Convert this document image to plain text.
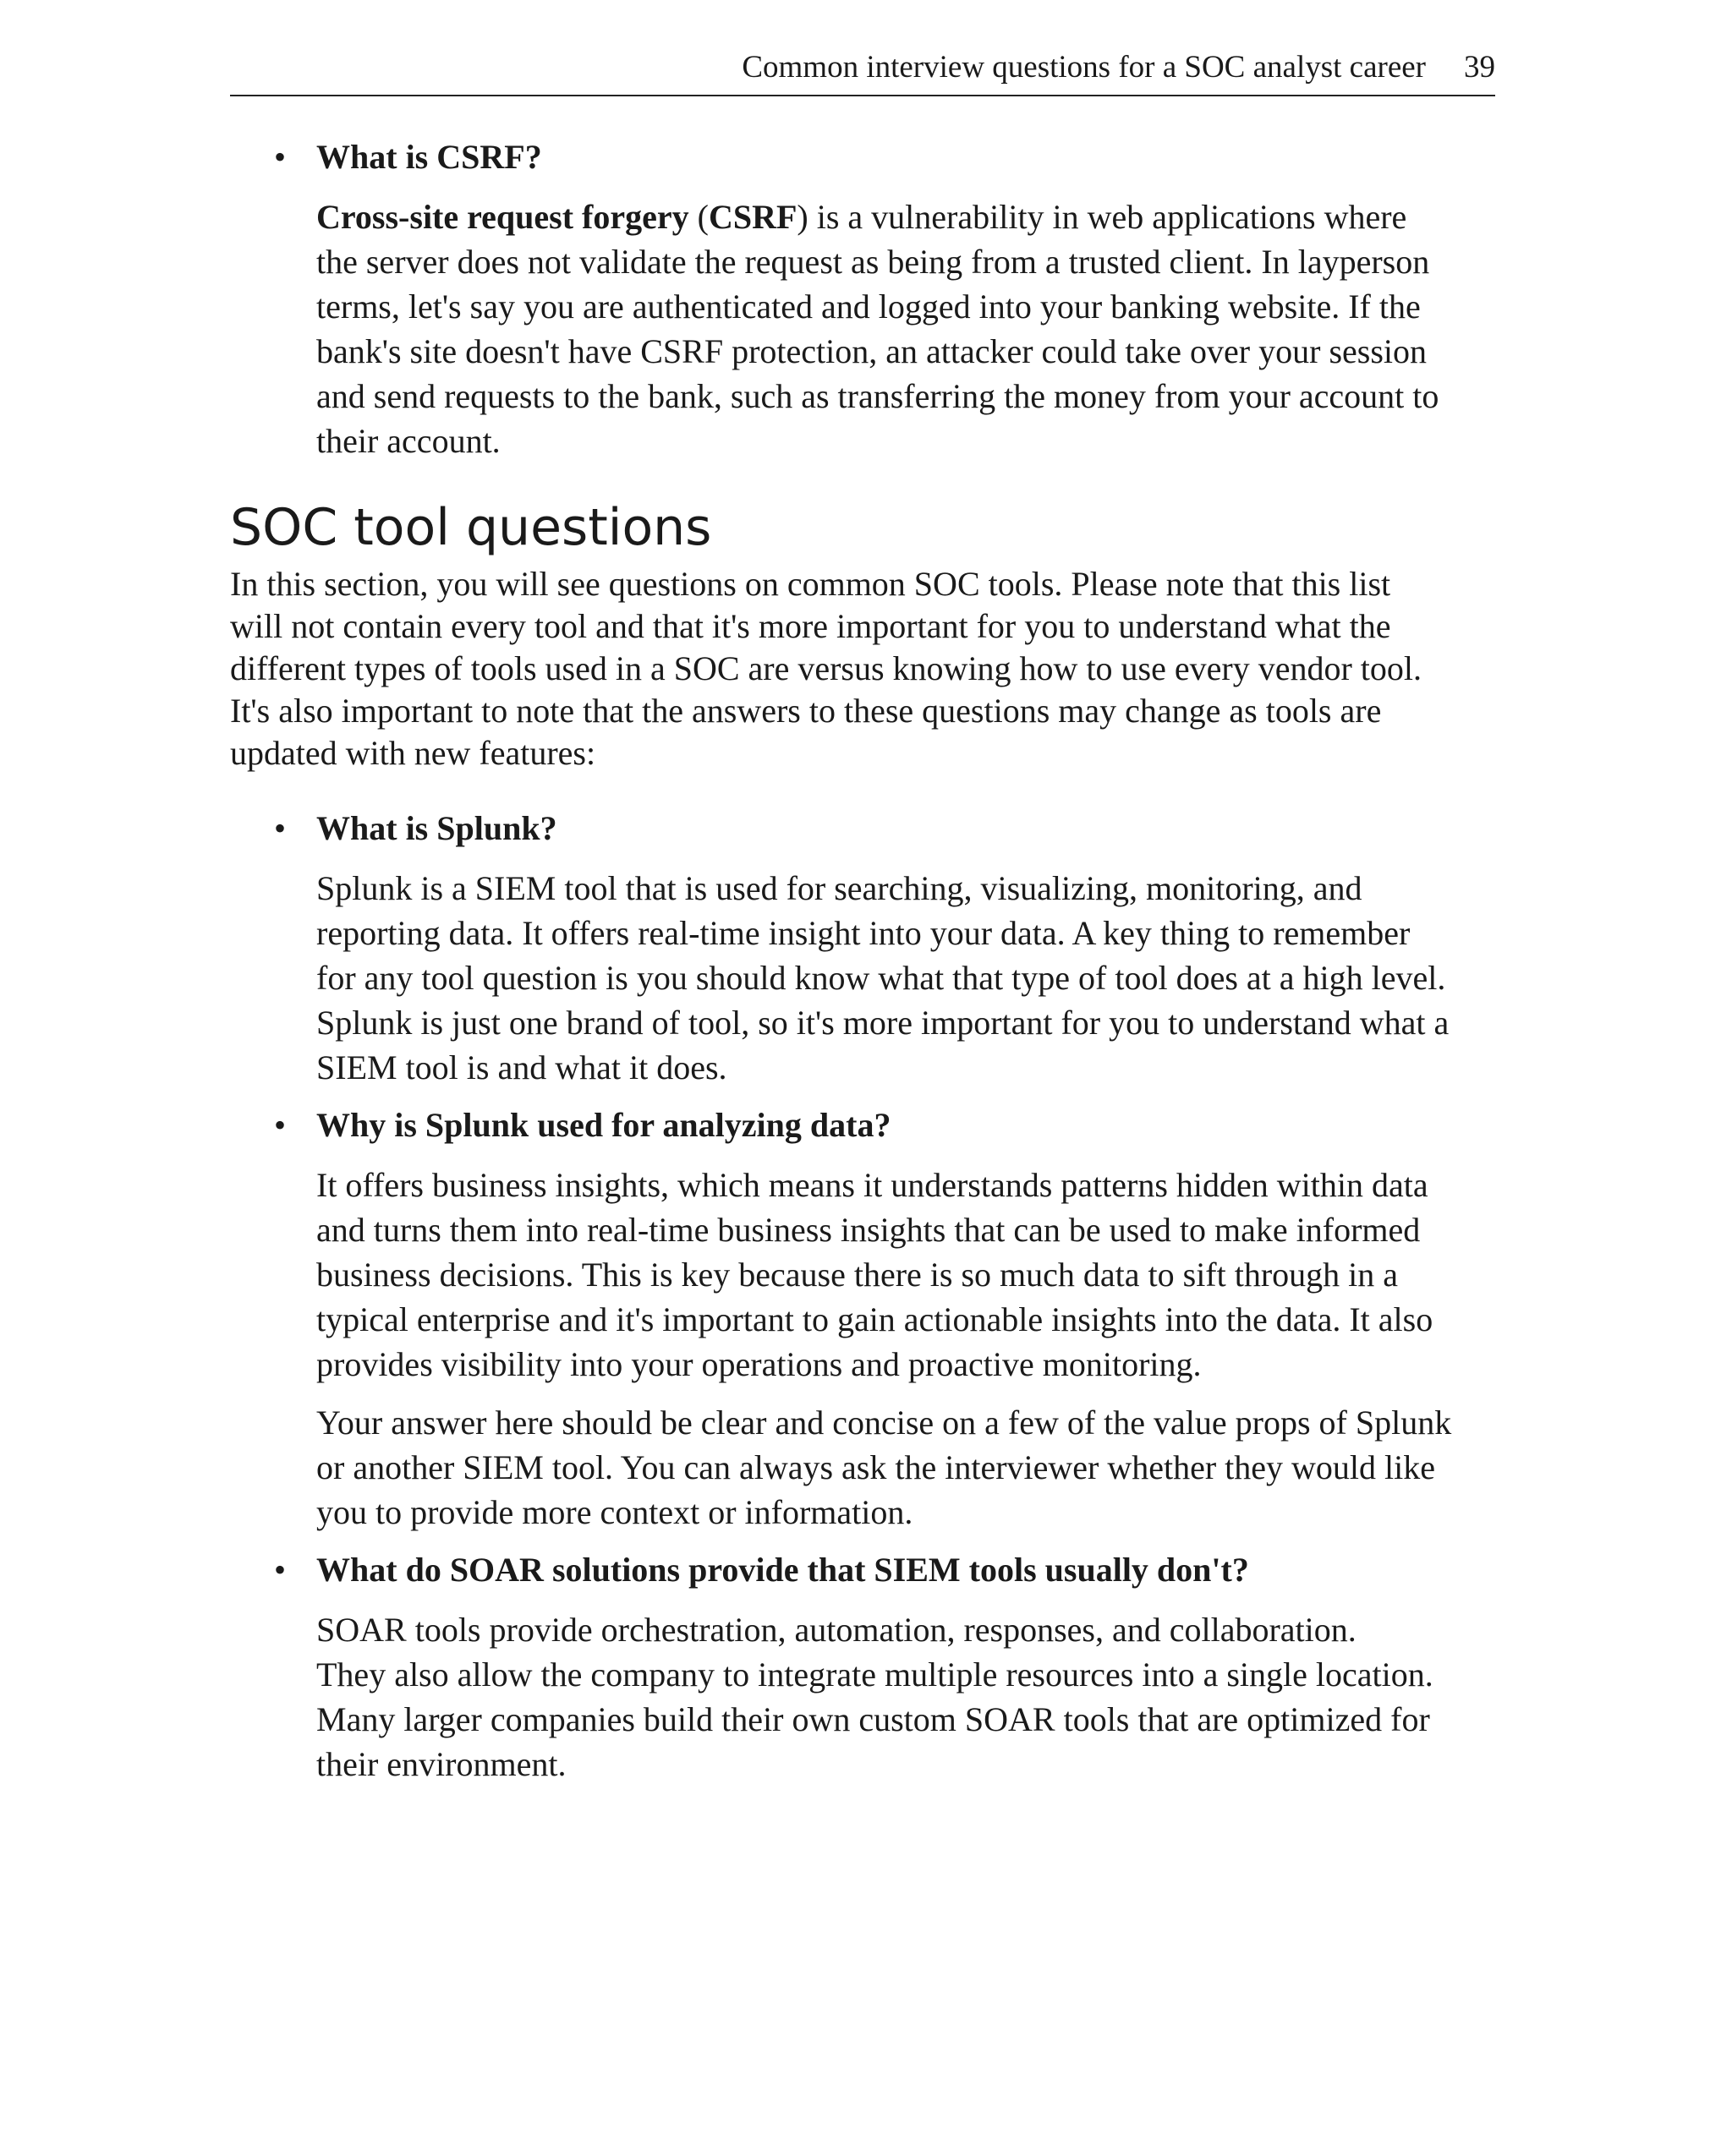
Common interview questions for a SOC analyst career 39
• What is CSRF?

Cross-site request forgery (CSRF) is a vulnerability in web applications where
the server does not validate the request as being from a trusted client. In layperson
terms, let's say you are authenticated and logged into your banking website. If the
bank's site doesn't have CSRF protection, an attacker could take over your session
and send requests to the bank, such as transferring the money from your account to
their account.

SOC tool questions

In this section, you will see questions on common SOC tools. Please note that this list
will not contain every tool and that it's more important for you to understand what the
different types of tools used in a SOC are versus knowing how to use every vendor tool.
It's also important to note that the answers to these questions may change as tools are
updated with new features:

• What is Splunk?

Splunk is a SIEM tool that is used for searching, visualizing, monitoring, and
reporting data. It offers real-time insight into your data. A key thing to remember
for any tool question is you should know what that type of tool does at a high level.
Splunk is just one brand of tool, so it's more important for you to understand what a
SIEM tool is and what it does.

• Why is Splunk used for analyzing data?

It offers business insights, which means it understands patterns hidden within data
and turns them into real-time business insights that can be used to make informed
business decisions. This is key because there is so much data to sift through in a
typical enterprise and it's important to gain actionable insights into the data. It also
provides visibility into your operations and proactive monitoring.

Your answer here should be clear and concise on a few of the value props of Splunk
or another SIEM tool. You can always ask the interviewer whether they would like
you to provide more context or information.

• What do SOAR solutions provide that SIEM tools usually don't?

SOAR tools provide orchestration, automation, responses, and collaboration.
They also allow the company to integrate multiple resources into a single location.
Many larger companies build their own custom SOAR tools that are optimized for
their environment.
